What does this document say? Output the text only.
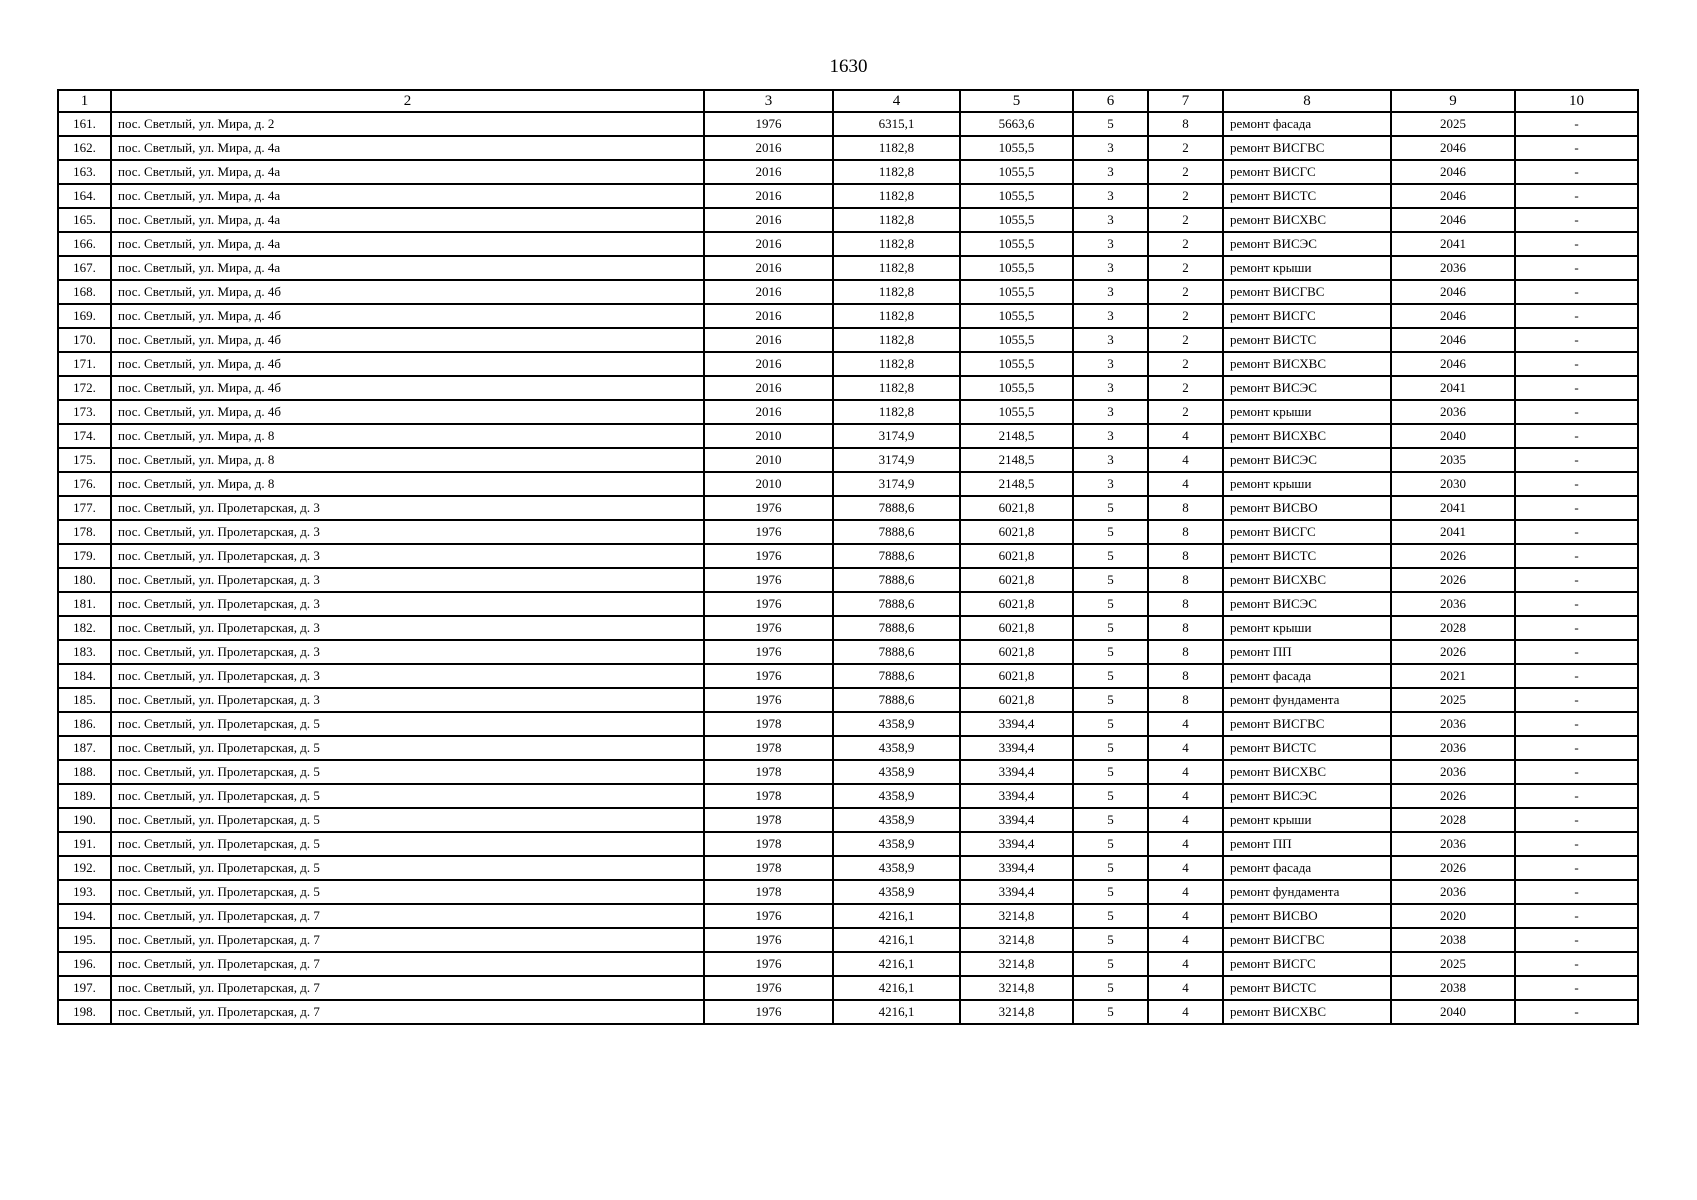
1630
1	2	3	4	5	6	7	8	9	10
161.	пос. Светлый, ул. Мира, д. 2	1976	6315,1	5663,6	5	8	ремонт фасада	2025	-
162.	пос. Светлый, ул. Мира, д. 4а	2016	1182,8	1055,5	3	2	ремонт ВИСГВС	2046	-
163.	пос. Светлый, ул. Мира, д. 4а	2016	1182,8	1055,5	3	2	ремонт ВИСГС	2046	-
164.	пос. Светлый, ул. Мира, д. 4а	2016	1182,8	1055,5	3	2	ремонт ВИСТС	2046	-
165.	пос. Светлый, ул. Мира, д. 4а	2016	1182,8	1055,5	3	2	ремонт ВИСХВС	2046	-
166.	пос. Светлый, ул. Мира, д. 4а	2016	1182,8	1055,5	3	2	ремонт ВИСЭС	2041	-
167.	пос. Светлый, ул. Мира, д. 4а	2016	1182,8	1055,5	3	2	ремонт крыши	2036	-
168.	пос. Светлый, ул. Мира, д. 4б	2016	1182,8	1055,5	3	2	ремонт ВИСГВС	2046	-
169.	пос. Светлый, ул. Мира, д. 4б	2016	1182,8	1055,5	3	2	ремонт ВИСГС	2046	-
170.	пос. Светлый, ул. Мира, д. 4б	2016	1182,8	1055,5	3	2	ремонт ВИСТС	2046	-
171.	пос. Светлый, ул. Мира, д. 4б	2016	1182,8	1055,5	3	2	ремонт ВИСХВС	2046	-
172.	пос. Светлый, ул. Мира, д. 4б	2016	1182,8	1055,5	3	2	ремонт ВИСЭС	2041	-
173.	пос. Светлый, ул. Мира, д. 4б	2016	1182,8	1055,5	3	2	ремонт крыши	2036	-
174.	пос. Светлый, ул. Мира, д. 8	2010	3174,9	2148,5	3	4	ремонт ВИСХВС	2040	-
175.	пос. Светлый, ул. Мира, д. 8	2010	3174,9	2148,5	3	4	ремонт ВИСЭС	2035	-
176.	пос. Светлый, ул. Мира, д. 8	2010	3174,9	2148,5	3	4	ремонт крыши	2030	-
177.	пос. Светлый, ул. Пролетарская, д. 3	1976	7888,6	6021,8	5	8	ремонт ВИСВО	2041	-
178.	пос. Светлый, ул. Пролетарская, д. 3	1976	7888,6	6021,8	5	8	ремонт ВИСГС	2041	-
179.	пос. Светлый, ул. Пролетарская, д. 3	1976	7888,6	6021,8	5	8	ремонт ВИСТС	2026	-
180.	пос. Светлый, ул. Пролетарская, д. 3	1976	7888,6	6021,8	5	8	ремонт ВИСХВС	2026	-
181.	пос. Светлый, ул. Пролетарская, д. 3	1976	7888,6	6021,8	5	8	ремонт ВИСЭС	2036	-
182.	пос. Светлый, ул. Пролетарская, д. 3	1976	7888,6	6021,8	5	8	ремонт крыши	2028	-
183.	пос. Светлый, ул. Пролетарская, д. 3	1976	7888,6	6021,8	5	8	ремонт ПП	2026	-
184.	пос. Светлый, ул. Пролетарская, д. 3	1976	7888,6	6021,8	5	8	ремонт фасада	2021	-
185.	пос. Светлый, ул. Пролетарская, д. 3	1976	7888,6	6021,8	5	8	ремонт фундамента	2025	-
186.	пос. Светлый, ул. Пролетарская, д. 5	1978	4358,9	3394,4	5	4	ремонт ВИСГВС	2036	-
187.	пос. Светлый, ул. Пролетарская, д. 5	1978	4358,9	3394,4	5	4	ремонт ВИСТС	2036	-
188.	пос. Светлый, ул. Пролетарская, д. 5	1978	4358,9	3394,4	5	4	ремонт ВИСХВС	2036	-
189.	пос. Светлый, ул. Пролетарская, д. 5	1978	4358,9	3394,4	5	4	ремонт ВИСЭС	2026	-
190.	пос. Светлый, ул. Пролетарская, д. 5	1978	4358,9	3394,4	5	4	ремонт крыши	2028	-
191.	пос. Светлый, ул. Пролетарская, д. 5	1978	4358,9	3394,4	5	4	ремонт ПП	2036	-
192.	пос. Светлый, ул. Пролетарская, д. 5	1978	4358,9	3394,4	5	4	ремонт фасада	2026	-
193.	пос. Светлый, ул. Пролетарская, д. 5	1978	4358,9	3394,4	5	4	ремонт фундамента	2036	-
194.	пос. Светлый, ул. Пролетарская, д. 7	1976	4216,1	3214,8	5	4	ремонт ВИСВО	2020	-
195.	пос. Светлый, ул. Пролетарская, д. 7	1976	4216,1	3214,8	5	4	ремонт ВИСГВС	2038	-
196.	пос. Светлый, ул. Пролетарская, д. 7	1976	4216,1	3214,8	5	4	ремонт ВИСГС	2025	-
197.	пос. Светлый, ул. Пролетарская, д. 7	1976	4216,1	3214,8	5	4	ремонт ВИСТС	2038	-
198.	пос. Светлый, ул. Пролетарская, д. 7	1976	4216,1	3214,8	5	4	ремонт ВИСХВС	2040	-
